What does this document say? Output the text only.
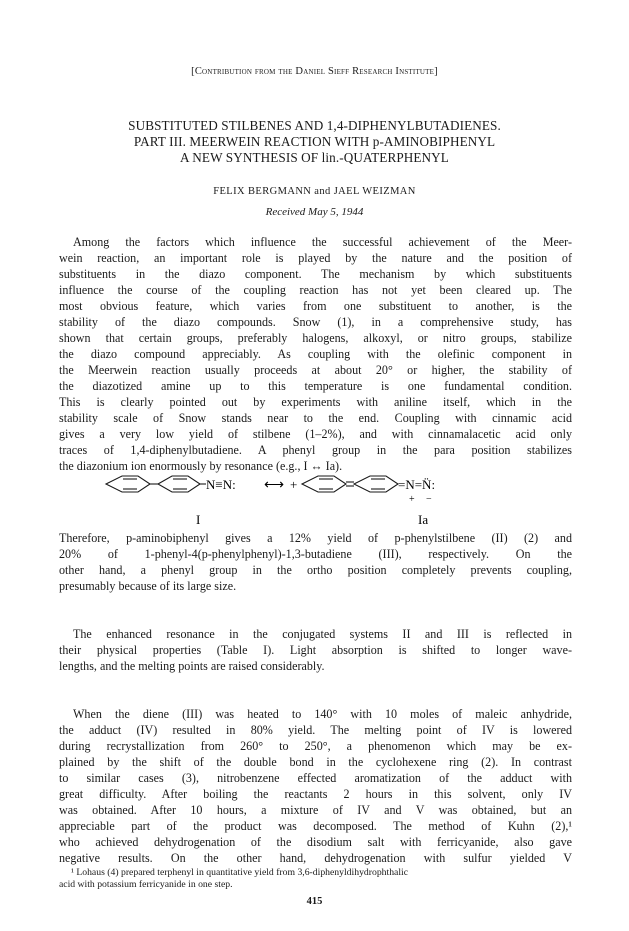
[Contribution from the Daniel Sieff Research Institute]
SUBSTITUTED STILBENES AND 1,4-DIPHENYLBUTADIENES.
PART III. MEERWEIN REACTION WITH p-AMINOBIPHENYL
A NEW SYNTHESIS OF lin.-QUATERPHENYL
FELIX BERGMANN and JAEL WEIZMAN
Received May 5, 1944
Among the factors which influence the successful achievement of the Meer-
wein reaction, an important role is played by the nature and the position of
substituents in the diazo component. The mechanism by which substituents
influence the course of the coupling reaction has not yet been cleared up. The
most obvious feature, which varies from one substituent to another, is the
stability of the diazo compounds. Snow (1), in a comprehensive study, has
shown that certain groups, preferably halogens, alkoxyl, or nitro groups, stabilize
the diazo compound appreciably. As coupling with the olefinic component in
the Meerwein reaction usually proceeds at about 20° or higher, the stability of
the diazotized amine up to this temperature is one fundamental condition.
This is clearly pointed out by experiments with aniline itself, which in the
stability scale of Snow stands near to the end. Coupling with cinnamic acid
gives a very low yield of stilbene (1–2%), and with cinnamalacetic acid only
traces of 1,4-diphenylbutadiene. A phenyl group in the para position stabilizes
the diazonium ion enormously by resonance (e.g., I ↔ Ia).
N≡N: ⟷ +	=N=N̈:
+ −
I	Ia
Therefore, p-aminobiphenyl gives a 12% yield of p-phenylstilbene (II) (2) and
20% of 1-phenyl-4(p-phenylphenyl)-1,3-butadiene (III), respectively. On the
other hand, a phenyl group in the ortho position completely prevents coupling,
presumably because of its large size.
The enhanced resonance in the conjugated systems II and III is reflected in
their physical properties (Table I). Light absorption is shifted to longer wave-
lengths, and the melting points are raised considerably.
When the diene (III) was heated to 140° with 10 moles of maleic anhydride,
the adduct (IV) resulted in 80% yield. The melting point of IV is lowered
during recrystallization from 260° to 250°, a phenomenon which may be ex-
plained by the shift of the double bond in the cyclohexene ring (2). In contrast
to similar cases (3), nitrobenzene effected aromatization of the adduct with
great difficulty. After boiling the reactants 2 hours in this solvent, only IV
was obtained. After 10 hours, a mixture of IV and V was obtained, but an
appreciable part of the product was decomposed. The method of Kuhn (2),¹
who achieved dehydrogenation of the disodium salt with ferricyanide, also gave
negative results. On the other hand, dehydrogenation with sulfur yielded V
¹ Lohaus (4) prepared terphenyl in quantitative yield from 3,6-diphenyldihydrophthalic
acid with potassium ferricyanide in one step.
415
